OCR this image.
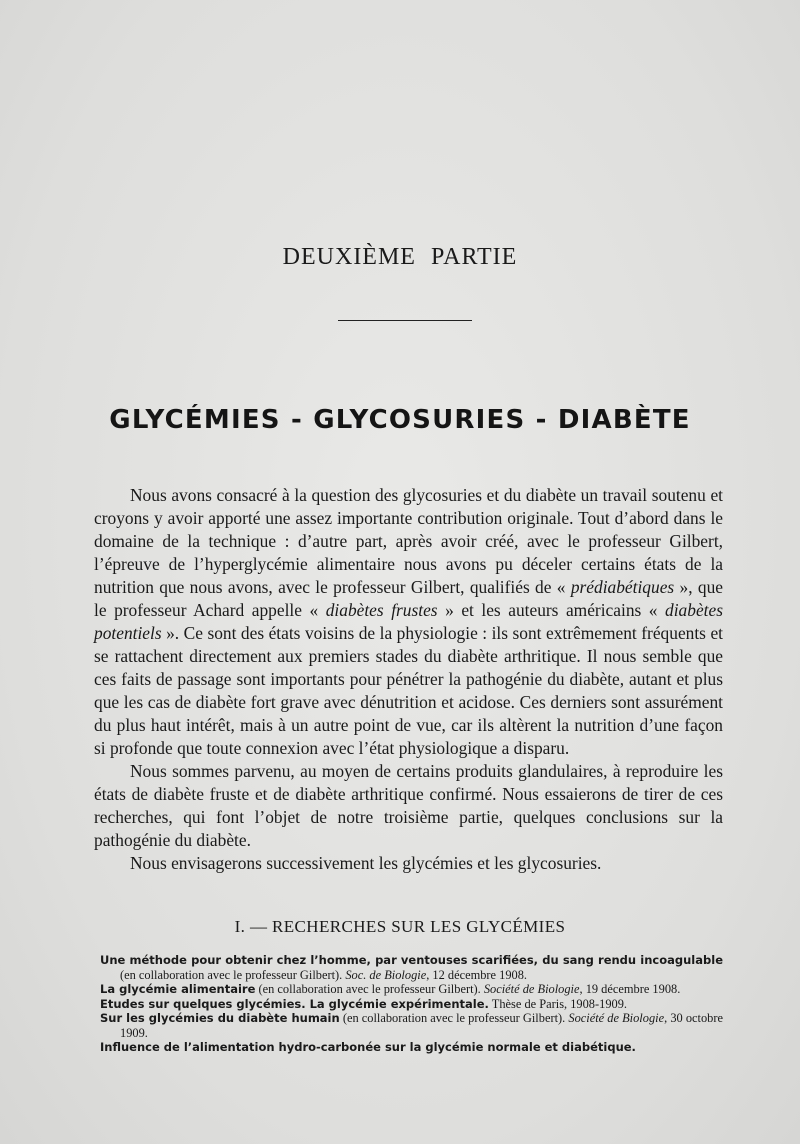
DEUXIÈME PARTIE
GLYCÉMIES - GLYCOSURIES - DIABÈTE

Nous avons consacré à la question des glycosuries et du diabète un travail soutenu et croyons y avoir apporté une assez importante contribution originale. Tout d’abord dans le domaine de la technique : d’autre part, après avoir créé, avec le professeur Gilbert, l’épreuve de l’hyperglycémie alimentaire nous avons pu déceler certains états de la nutrition que nous avons, avec le professeur Gilbert, qualifiés de « prédiabétiques », que le professeur Achard appelle « diabètes frustes » et les auteurs américains « diabètes potentiels ». Ce sont des états voisins de la physiologie : ils sont extrêmement fréquents et se rattachent directement aux premiers stades du diabète arthritique. Il nous semble que ces faits de passage sont importants pour pénétrer la pathogénie du diabète, autant et plus que les cas de diabète fort grave avec dénutrition et acidose. Ces derniers sont assurément du plus haut intérêt, mais à un autre point de vue, car ils altèrent la nutrition d’une façon si profonde que toute connexion avec l’état physiologique a disparu.

Nous sommes parvenu, au moyen de certains produits glandulaires, à reproduire les états de diabète fruste et de diabète arthritique confirmé. Nous essaierons de tirer de ces recherches, qui font l’objet de notre troisième partie, quelques conclusions sur la pathogénie du diabète.

Nous envisagerons successivement les glycémies et les glycosuries.

I. — RECHERCHES SUR LES GLYCÉMIES
Une méthode pour obtenir chez l’homme, par ventouses scarifiées, du sang rendu incoagulable (en collaboration avec le professeur Gilbert). Soc. de Biologie, 12 décembre 1908.
La glycémie alimentaire (en collaboration avec le professeur Gilbert). Société de Biologie, 19 décembre 1908.
Etudes sur quelques glycémies. La glycémie expérimentale. Thèse de Paris, 1908-1909.
Sur les glycémies du diabète humain (en collaboration avec le professeur Gilbert). Société de Biologie, 30 octobre 1909.
Influence de l’alimentation hydro-carbonée sur la glycémie normale et diabétique.
